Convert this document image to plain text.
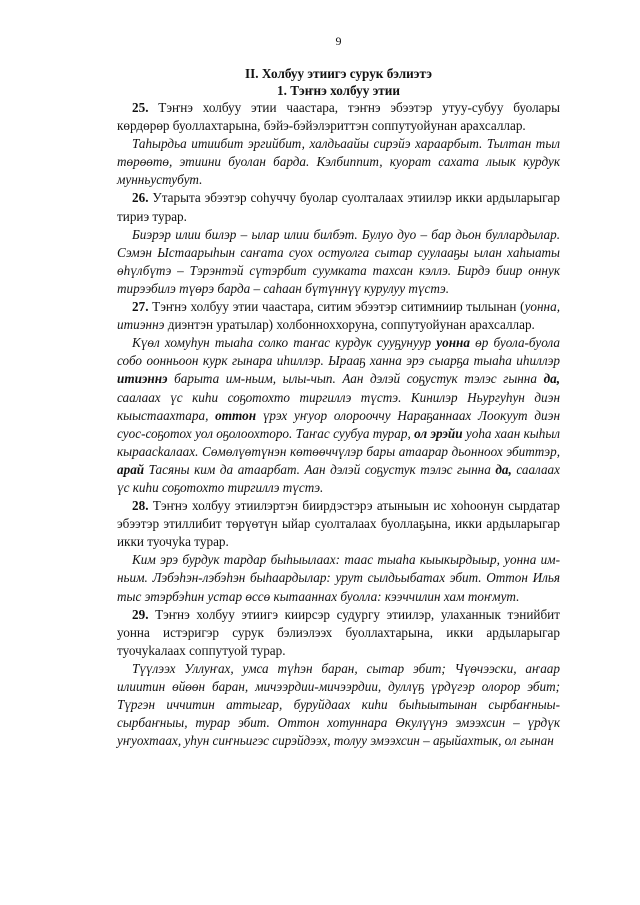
9
II. Холбуу этиигэ сурук бэлиэтэ
1. Тэҥнэ холбуу этии

25. Тэҥнэ холбуу этии чаастара, тэҥнэ эбээтэр утуу-субуу буолары көрдөрөр буоллахтарына, бэйэ-бэйэлэриттэн соппутуойунан арахсаллар.

Таһырдьа итиибит эргийбит, халдьаайы сирэйэ хараарбыт. Тылтан тыл төрөөтө, этиини буолан барда. Кэлбиппит, куорат сахата лыык курдук мунньустубут.

26. Утарыта эбээтэр соһуччу буолар суолталаах этиилэр икки ардыларыгар тириэ турар.

Биэрэр илии билэр – ылар илии билбэт. Булуо дуо – бар дьон буллардылар. Сэмэн Ыстаарыһын саҥата суох остуолга сытар суулааҕы ылан хаһыаты өһүлбүтэ – Тэрэнтэй сүтэрбит суумката тахсан кэллэ. Бирдэ биир оннук тирээбилэ түөрэ барда – саһаан бүтүннүү курулуу түстэ.

27. Тэҥнэ холбуу этии чаастара, ситим эбээтэр ситимниир тылынан (уонна, итиэннэ диэнтэн уратылар) холбонноххоруна, соппутуойунан арахсаллар.

Күөл хомуһун тыаһа солко таҥас курдук сууҕунуур уонна өр буола-буола собо оонньоон курк гынара иһиллэр. Ырааҕ ханна эрэ сыарҕа тыаһа иһиллэр итиэннэ барыта им-ньим, ылы-чып. Аан дэлэй соҕустук тэлэс гынна да, саалаах үс киһи соҕотохто тиргиллэ түстэ. Кинилэр Ньургуһун диэн кыыстаахтара, оттон үрэх уҥуор олорооччу Нараҕаннаах Лоокуут диэн суос-соҕотох уол оҕолоохторо. Таҥас суубуа турар, ол эрэйи уоһа хаан кыһыл кыраасkалаах. Сөмөлүөтүнэн көтөөччүлэр бары атаарар дьонноох эбиттэр, арай Тасяны ким да атаарбат. Аан дэлэй соҕустук тэлэс гынна да, саалаах үс киһи соҕотохто тиргиллэ түстэ.

28. Тэҥнэ холбуу этиилэртэн биирдэстэрэ атыныын ис хоһоонун сырдатар эбээтэр этиллибит төрүөтүн ыйар суолталаах буоллаҕына, икки ардыларыгар икки туочуkа турар.

Ким эрэ бурдук тардар быһыылаах: таас тыаһа кыыкырдыыр, уонна им-ньим. Лэбэһэн-лэбэһэн быһаардылар: урут сылдьыбатах эбит. Оттон Илья тыс этэрбэһин устар өссө кытааннах буолла: кээччилин хам тоҥмут.

29. Тэҥнэ холбуу этиигэ киирсэр судургу этиилэр, улаханнык тэнийбит уонна истэригэр сурук бэлиэлээх буоллахтарына, икки ардыларыгар туочуkалаах соппутуой турар.

Түүлээх Уллуҥах, умса түһэн баран, сытар эбит; Чүөчээски, аҥаар илиитин өйөөн баран, мичээрдии-мичээрдии, дуллүҕ үрдүгэр олорор эбит; Түргэн иччитин аттыгар, буруйдаах киһи быһыытынан сырбаҥныы-сырбаҥныы, турар эбит. Оттон хотуннара Өкулүүнэ эмээхсин – үрдүк уҥуохтаах, уһун сиҥньигэс сирэйдээх, толуу эмээхсин – аҕыйахтык, ол гынан
